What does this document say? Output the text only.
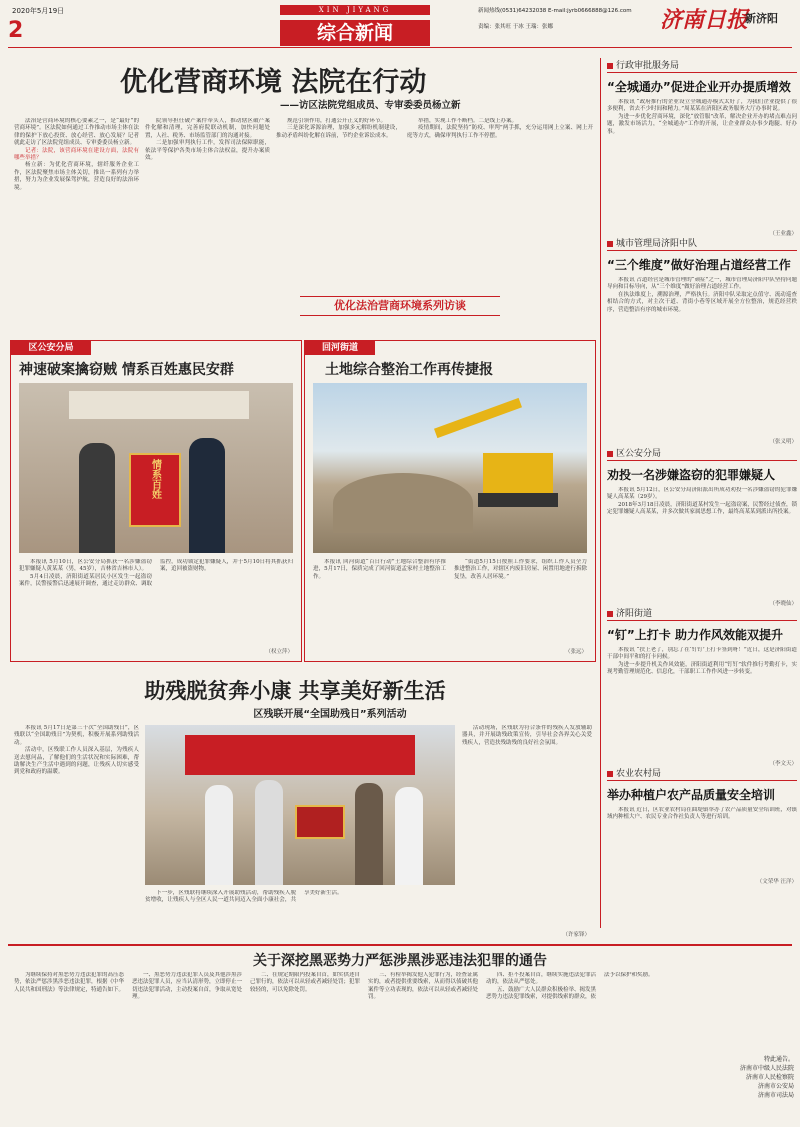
2020年5月19日	XIN JIYANG	新闻热线(0531)64232038 E-mail:jyrb0666888@126.com
2	综合新闻	责编：张其旺 于冰 王瑞：张娜	济南日报
新济阳
优化营商环境 法院在行动
——访区法院党组成员、专审委委员杨立新

法治是营商环境的核心要素之一，是“最好”的营商环境”。区法院如何通过工作推动市场主体在法律的保护下放心投资、放心经营、放心发展？记者就此走访了区法院党组成员、专审委委员杨立新。

记者：法院，该营商环境在建设方面，法院有哪些举措？

杨立新：为优化营商环境，辖纤服务企业工作，区法院聚焦市场主体关切，推出一系列有力举措，努力为企业发展保驾护航，营造良好的法治环境。

院领导担任破产案件牵头人，推动辖区破产案件化解和清理，完善府院联动机制，加快问题处置，人社、税务、市场监管部门的沟通对接。

二是加强审判执行工作，发挥司法保障职能，依法平等保护各类市场主体合法权益，提升办案质效。

规范引领作用，打通公开正义的好环节。

三是深化诉源治理，加强多元解纷机制建设，推动矛盾纠纷化解在诉前，节约企业诉讼成本。

举措，实现工作不断档。二是线上办案。

疫情期间，法院坚持“防疫、审判”两手抓，充分运用网上立案、网上开庭等方式，确保审判执行工作不停摆。

优化法治营商环境系列访谈
行政审批服务局
“全城通办”促进企业开办提质增效

本报讯 “政府推行的企业设立全城通办模式太好了，为我们企业提供了很多便利，省去不少时间和精力。”周某某在济阳区政务服务大厅办事时说。

为进一步优化营商环境，深化“放管服”改革，解决企业开办的堵点难点问题，激发市场活力，“全城通办”工作的开展，让企业群众办事少跑腿、好办事。

（王业鑫）
城市管理局济阳中队
“三个维度”做好治理占道经营工作

本报讯 占道经营是城市管理的“顽症”之一，城市管理局济阳中队坚持问题导向和目标导向，从“三个维度”做好治理占道经营工作。

在执法维度上，溯源治理，严格执行。济阳中队采取定点值守、流动巡查相结合的方式，对主次干道、背街小巷等区域开展全方位整治，规范经营秩序，营造整洁有序的城市环境。

（张义明）
区公安分局
劝投一名涉嫌盗窃的犯罪嫌疑人

本报讯 5月12日，区公安分局济阳派出所成功劝投一名涉嫌盗窃的犯罪嫌疑人高某某（29岁）。

2018年3月18日凌晨，济阳街道某村发生一起盗窃案，民警经过侦查，锁定犯罪嫌疑人高某某，并多次做其家属思想工作，最终高某某到派出所投案。

（李晓仙）
济阳街道
“钉”上打卡 助力作风效能双提升

本报讯 “扶上老了，别忘了在‘钉钉’上打卡签到呀！”近日，这是济阳街道干部中间平和的打卡问候。

为进一步提升机关作风效能，济阳街道利用“钉钉”软件推行考勤打卡，实现考勤管理规范化、信息化，干部职工工作作风进一步转变。

（李文天）
农业农村局
举办种植户农产品质量安全培训

本报讯 近日，区农业农村局在曲堤镇举办了农产品质量安全培训班，对镇域内种植大户、农民专业合作社负责人等进行培训。

（文荣华 汪洋）
区公安分局
神速破案擒窃贼 情系百姓惠民安群
情系百姓

本报讯 5月10日，区公安分局抓获一名涉嫌盗窃犯罪嫌疑人黄某某（男，45岁），吉林省吉林市人）。

5月4日凌晨，济阳街道某居民小区发生一起盗窃案件，民警接警后迅速展开调查，通过走访群众、调取监控，成功锁定犯罪嫌疑人，并于5月10日将其抓获归案，追回被盗财物。

（权立萍）
回河街道
土地综合整治工作再传捷报

本报讯 回河街道“百日行动”土地综合整治有序推进，5月17日，保质完成了回河街道孟家村土地整治工作。

“街道5月15日按照工作要求，组织工作人员全力推进整治工作，对辖区内废旧房屋、闲置用地进行拆除复垦，改善人居环境。”

（张远）
助残脱贫奔小康 共享美好新生活
区残联开展“全国助残日”系列活动

本报讯 5月17日是第三十次“全国助残日”，区残联以“全国助残日”为契机，积极开展系列助残活动。

活动中，区残联工作人员深入基层，为残疾人送去慰问品，了解他们的生活状况和实际困难，帮助解决生产生活中遇到的问题，让残疾人切实感受到党和政府的温暖。

活动现场，区残联为符合条件的残疾人发放辅助器具，并开展助残政策宣传，引导社会各界关心关爱残疾人，营造扶残助残的良好社会氛围。

下一步，区残联将继续深入开展助残活动，帮助残疾人脱贫增收，让残疾人与全区人民一道共同迈入全面小康社会，共享美好新生活。

（许家锋）
关于深挖黑恶势力严惩涉黑涉恶违法犯罪的通告

为继续保持对黑恶势力违法犯罪的高压态势，依法严惩涉黑涉恶违法犯罪，根据《中华人民共和国刑法》等法律规定，特通告如下。

一、黑恶势力违法犯罪人员及其他涉黑涉恶违法犯罪人员，应当认清形势，立即停止一切违法犯罪活动，主动投案自首，争取从宽处理。

二、在规定期限内投案自首，如实供述自己罪行的，依法可以从轻或者减轻处罚；犯罪较轻的，可以免除处罚。

三、有检举揭发他人犯罪行为，经查证属实的，或者提供重要线索，从而得以侦破其他案件等立功表现的，依法可以从轻或者减轻处罚。

四、拒不投案自首，继续实施违法犯罪活动的，依法从严惩处。

五、鼓励广大人民群众积极检举、揭发黑恶势力违法犯罪线索，对提供线索的群众，依法予以保护和奖励。

特此通告。
济南市中级人民法院
济南市人民检察院
济南市公安局
济南市司法局
